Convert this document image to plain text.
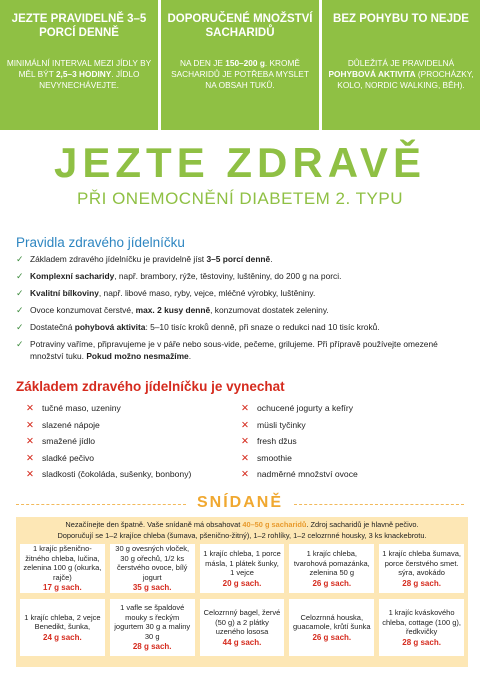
JEZTE PRAVIDELNĚ 3–5 PORCÍ DENNĚ

MINIMÁLNÍ INTERVAL MEZI JÍDLY BY MĚL BÝT 2,5–3 HODINY. JÍDLO NEVYNECHÁVEJTE.

DOPORUČENÉ MNOŽSTVÍ SACHARIDŮ

NA DEN JE 150–200 g. KROMĚ SACHARIDŮ JE POTŘEBA MYSLET NA OBSAH TUKŮ.

BEZ POHYBU TO NEJDE

DŮLEŽITÁ JE PRAVIDELNÁ POHYBOVÁ AKTIVITA (PROCHÁZKY, KOLO, NORDIC WALKING, BĚH).

JEZTE ZDRAVĚ
PŘI ONEMOCNĚNÍ DIABETEM 2. TYPU
Pravidla zdravého jídelníčku
✓ Základem zdravého jídelníčku je pravidelně jíst 3–5 porcí denně.
✓ Komplexní sacharidy, např. brambory, rýže, těstoviny, luštěniny, do 200 g na porci.
✓ Kvalitní bílkoviny, např. libové maso, ryby, vejce, mléčné výrobky, luštěniny.
✓ Ovoce konzumovat čerstvé, max. 2 kusy denně, konzumovat dostatek zeleniny.
✓ Dostatečná pohybová aktivita: 5–10 tisíc kroků denně, při snaze o redukci nad 10 tisíc kroků.
✓ Potraviny vaříme, připravujeme je v páře nebo sous-vide, pečeme, grilujeme. Při přípravě používejte omezené množství tuku. Pokud možno nesmažíme.
Základem zdravého jídelníčku je vynechat
✕ tučné maso, uzeniny
✕ slazené nápoje
✕ smažené jídlo
✕ sladké pečivo
✕ sladkosti (čokoláda, sušenky, bonbony)
✕ ochucené jogurty a kefíry
✕ müsli tyčinky
✕ fresh džus
✕ smoothie
✕ nadměrné množství ovoce
SNÍDANĚ
Nezačínejte den špatně. Vaše snídaně má obsahovat 40–50 g sacharidů. Zdroj sacharidů je hlavně pečivo.
Doporučují se 1–2 krajíce chleba (šumava, pšenično-žitný), 1–2 rohlíky, 1–2 celozrnné housky, 3 ks knackebrotu.
1 krajíc pšeničnо-žitného chleba, lučina, zelenina 100 g (okurka, rajče)
17 g sach.
30 g ovesných vloček, 30 g ořechů, 1/2 ks čerstvého ovoce, bílý jogurt
35 g sach.
1 krajíc chleba, 1 porce másla, 1 plátek šunky, 1 vejce
20 g sach.
1 krajíc chleba, tvarohová pomazánka, zelenina 50 g
26 g sach.
1 krajíc chleba šumava, porce čerstvého smet. sýra, avokádo
28 g sach.
1 krajíc chleba, 2 vejce Benedikt, šunka,
24 g sach.
1 vafle se špaldové mouky s řeckým jogurtem 30 g a maliny 30 g
28 g sach.
Celozrnný bagel, žervé (50 g) a 2 plátky uzeného lososa
44 g sach.
Celozrnná houska, guacamole, krůtí šunka
26 g sach.
1 krajíc kváskového chleba, cottage (100 g), ředkvičky
28 g sach.
